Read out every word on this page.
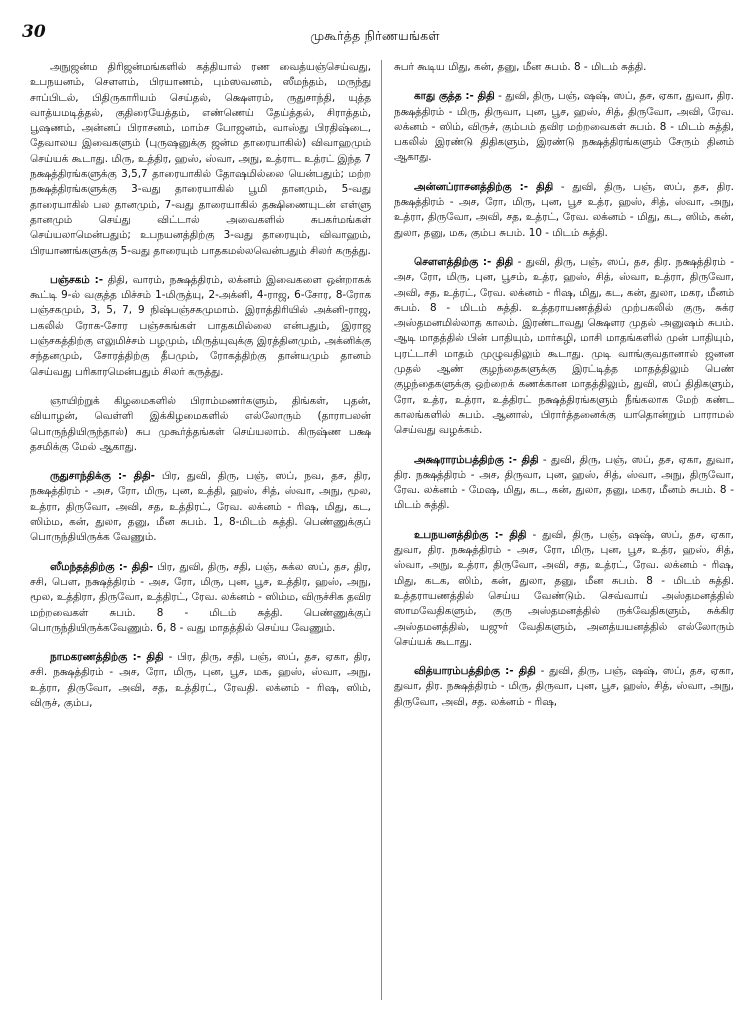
30	முகூர்த்த நிர்ணயங்கள்

அநுஜன்ம திரிஜன்மங்களில் கத்தியால் ரண வைத்யஞ்செய்வது, உபநயனம், சௌளம், பிரயாணம், பும்ஸவனம், ஸீமந்தம், மருந்து சாப்பிடல், பிதிருகாரியம் செய்தல், க்ஷௌரம், ருதுசாந்தி, யுத்த வாத்யமடித்தல், குதிரையேத்தம், எண்ணெய் தேய்த்தல், சிராத்தம், பூஷணம், அன்னப் பிராசனம், மாம்ச போஜனம், வாஸ்து பிரதிஷ்டை, தேவாலய இவைகளும் (புருஷனுக்கு ஜன்ம தாரையாகில்) விவாஹமும் செய்யக் கூடாது. மிரு, உத்திர, ஹஸ், ஸ்வா, அநு, உத்ராட உத்ரட் இந்த 7 நக்ஷத்திரங்களுக்கு 3,5,7 தாரையாகில் தோஷமில்லை யென்பதும்; மற்ற நக்ஷத்திரங்களுக்கு 3-வது தாரையாகில் பூமி தானமும், 5-வது தாரையாகில் பல தானமும், 7-வது தாரையாகில் தக்ஷிணையுடன் எள்ளு தானமும் செய்து விட்டால் அவைகளில் சுபகர்மங்கள் செய்யலாமென்பதும்; உபநயனத்திற்கு 3-வது தாரையும், விவாஹம், பிரயாணங்களுக்கு 5-வது தாரையும் பாதகமல்லவென்பதும் சிலர் கருத்து.

பஞ்சகம் :- திதி, வாரம், நக்ஷத்திரம், லக்னம் இவைகளை ஒன்றாகக் கூட்டி 9-ல் வகுத்த மிச்சம் 1-மிருத்யு, 2-அக்னி, 4-ராஜ, 6-சோர, 8-ரோக பஞ்சகமும், 3, 5, 7, 9 நிஷ்பஞ்சகமுமாம். இராத்திரியில் அக்னி-ராஜ, பகலில் ரோக-சோர பஞ்சகங்கள் பாதகமில்லை என்பதும், இராஜ பஞ்சகத்திற்கு எலுமிச்சம் பழமும், மிருத்யுவுக்கு இரத்தினமும், அக்னிக்கு சந்தனமும், சோரத்திற்கு தீபமும், ரோகத்திற்கு தான்யமும் தானம் செய்வது பரிகாரமென்பதும் சிலர் கருத்து.

ஞாயிற்றுக் கிழமைகளில் பிராம்மணர்களும், திங்கள், புதன், வியாழன், வெள்ளி இக்கிழமைகளில் எல்லோரும் (தாராபலன் பொருந்தியிருந்தால்) சுப முகூர்த்தங்கள் செய்யலாம். கிருஷ்ண பக்ஷ தசமிக்கு மேல் ஆகாது.

ருதுசாந்திக்கு :- திதி- பிர, துவி, திரு, பஞ், ஸப், நவ, தச, திர, நக்ஷத்திரம் - அச, ரோ, மிரு, புன, உத்தி, ஹஸ், சித், ஸ்வா, அநு, மூல, உத்ரா, திருவோ, அவி, சத, உத்திரட், ரேவ. லக்னம் - ரிஷ, மிது, கட, ஸிம்ம, கன், துலா, தனு, மீன சுபம். 1, 8-மிடம் சுத்தி. பெண்ணுக்குப் பொருந்தியிருக்க வேணும்.

ஸீமந்தத்திற்கு :- திதி- பிர, துவி, திரு, சதி, பஞ், சுக்ல ஸப், தச, திர, சசி, பௌ, நக்ஷத்திரம் - அச, ரோ, மிரு, புன, பூச, உத்திர, ஹஸ், அநு, மூல, உத்திரா, திருவோ, உத்திரட், ரேவ. லக்னம் - ஸிம்ம, விருச்சிக தவிர மற்றவைகள் சுபம். 8 - மிடம் சுத்தி. பெண்ணுக்குப் பொருந்தியிருக்கவேணும். 6, 8 - வது மாதத்தில் செய்ய வேணும்.

நாமகரணத்திற்கு :- திதி - பிர, திரு, சதி, பஞ், ஸப், தச, ஏகா, திர, சசி. நக்ஷத்திரம் - அச, ரோ, மிரு, புன, பூச, மக, ஹஸ், ஸ்வா, அநு, உத்ரா, திருவோ, அவி, சத, உத்திரட், ரேவதி. லக்னம் - ரிஷ, ஸிம், விருச், கும்ப,

சுபர் கூடிய மிது, கன், தனு, மீன சுபம். 8 - மிடம் சுத்தி.

காது குத்த :- திதி - துவி, திரு, பஞ், ஷஷ், ஸப், தச, ஏகா, துவா, திர. நக்ஷத்திரம் - மிரு, திருவா, புன, பூச, ஹஸ், சித், திருவோ, அவி, ரேவ. லக்னம் - ஸிம், விருச், கும்பம் தவிர மற்றவைகள் சுபம். 8 - மிடம் சுத்தி, பகலில் இரண்டு திதிகளும், இரண்டு நக்ஷத்திரங்களும் சேரும் தினம் ஆகாது.

அன்னப்ராசனத்திற்கு :- திதி - துவி, திரு, பஞ், ஸப், தச, திர. நக்ஷத்திரம் - அச, ரோ, மிரு, புன, பூச உத்ர, ஹஸ், சித், ஸ்வா, அநு, உத்ரா, திருவோ, அவி, சத, உத்ரட், ரேவ. லக்னம் - மிது, கட, ஸிம், கன், துலா, தனு, மக, கும்ப சுபம். 10 - மிடம் சுத்தி.

சௌளத்திற்கு :- திதி - துவி, திரு, பஞ், ஸப், தச, திர. நக்ஷத்திரம் - அச, ரோ, மிரு, புன, பூசம், உத்ர, ஹஸ், சித், ஸ்வா, உத்ரா, திருவோ, அவி, சத, உத்ரட், ரேவ. லக்னம் - ரிஷ, மிது, கட, கன், துலா, மகர, மீனம் சுபம். 8 - மிடம் சுத்தி. உத்தராயணத்தில் முற்பகலில் குரு, சுக்ர அஸ்தமனமில்லாத காலம். இரண்டாவது க்ஷௌர முதல் அனுஷம் சுபம். ஆடி மாதத்தில் பின் பாதியும், மார்கழி, மாசி மாதங்களில் முன் பாதியும், புரட்டாசி மாதம் முழுவதிலும் கூடாது. முடி வாங்குவதானால் ஜனன முதல் ஆண் குழந்தைகளுக்கு இரட்டித்த மாதத்திலும் பெண் குழந்தைகளுக்கு ஒற்றைக் கணக்கான மாதத்திலும், துவி, ஸப் திதிகளும், ரோ, உத்ர, உத்ரா, உத்திரட் நக்ஷத்திரங்களும் நீங்கலாக மேற் கண்ட காலங்களில் சுபம். ஆனால், பிரார்த்தனைக்கு யாதொன்றும் பாராமல் செய்வது வழக்கம்.

அக்ஷராரம்பத்திற்கு :- திதி - துவி, திரு, பஞ், ஸப், தச, ஏகா, துவா, திர. நக்ஷத்திரம் - அச, திருவா, புன, ஹஸ், சித், ஸ்வா, அநு, திருவோ, ரேவ. லக்னம் - மேஷ, மிது, கட, கன், துலா, தனு, மகர, மீனம் சுபம். 8 - மிடம் சுத்தி.

உபநயனத்திற்கு :- திதி - துவி, திரு, பஞ், ஷஷ், ஸப், தச, ஏகா, துவா, திர. நக்ஷத்திரம் - அச, ரோ, மிரு, புன, பூச, உத்ர, ஹஸ், சித், ஸ்வா, அநு, உத்ரா, திருவோ, அவி, சத, உத்ரட், ரேவ. லக்னம் - ரிஷ, மிது, கடக, ஸிம், கன், துலா, தனு, மீன சுபம். 8 - மிடம் சுத்தி. உத்தராயணத்தில் செய்ய வேண்டும். செவ்வாய் அஸ்தமனத்தில் ஸாமவேதிகளும், குரு அஸ்தமனத்தில் ருக்வேதிகளும், சுக்கிர அஸ்தமனத்தில், யஜுர் வேதிகளும், அனத்யயனத்தில் எல்லோரும் செய்யக் கூடாது.

வித்யாரம்பத்திற்கு :- திதி - துவி, திரு, பஞ், ஷஷ், ஸப், தச, ஏகா, துவா, திர. நக்ஷத்திரம் - மிரு, திருவா, புன, பூச, ஹஸ், சித், ஸ்வா, அநு, திருவோ, அவி, சத. லக்னம் - ரிஷ,
